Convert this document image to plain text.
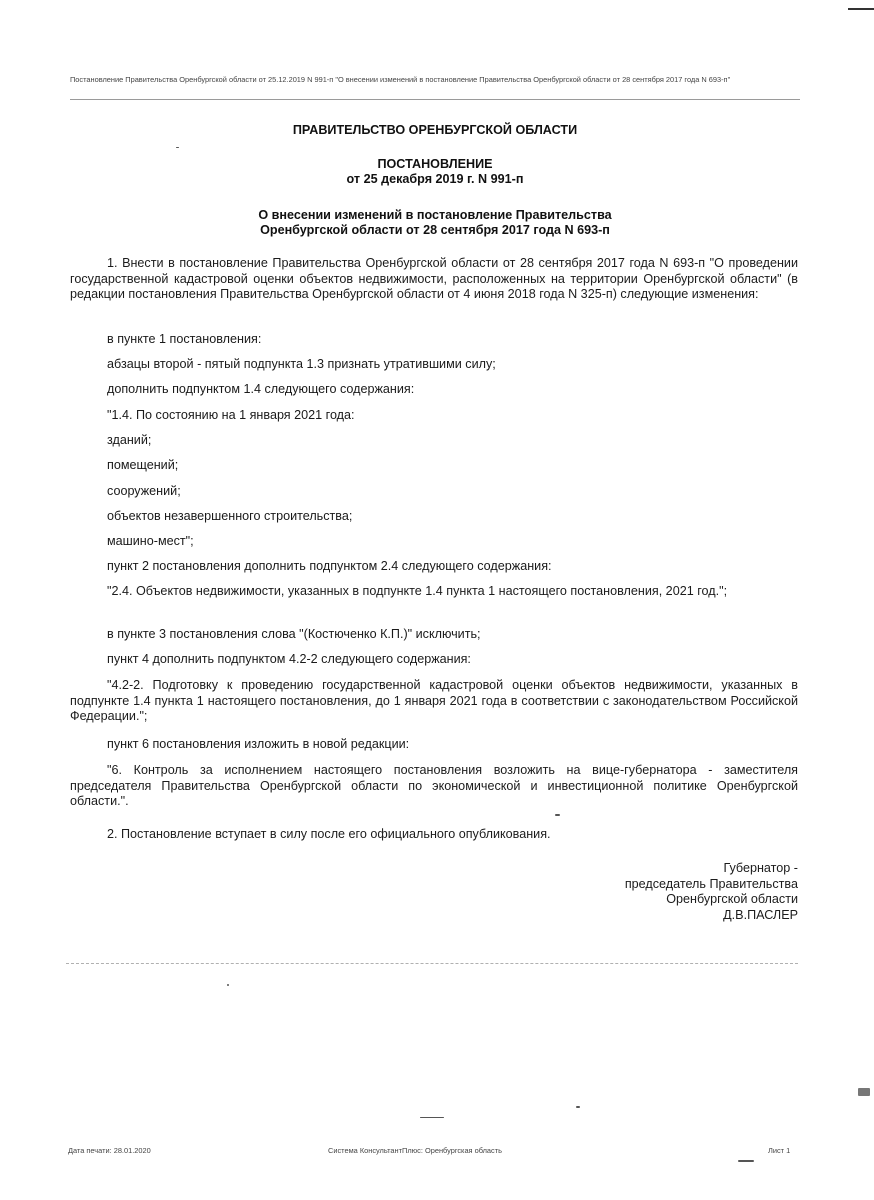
Постановление Правительства Оренбургской области от 25.12.2019 N 991-п "О внесении изменений в постановление Правительства Оренбургской области от 28 сентября 2017 года N 693-п"
ПРАВИТЕЛЬСТВО ОРЕНБУРГСКОЙ ОБЛАСТИ
ПОСТАНОВЛЕНИЕ
от 25 декабря 2019 г. N 991-п
О внесении изменений в постановление Правительства
Оренбургской области от 28 сентября 2017 года N 693-п
1. Внести в постановление Правительства Оренбургской области от 28 сентября 2017 года N 693-п "О проведении государственной кадастровой оценки объектов недвижимости, расположенных на территории Оренбургской области" (в редакции постановления Правительства Оренбургской области от 4 июня 2018 года N 325-п) следующие изменения:
в пункте 1 постановления:
абзацы второй - пятый подпункта 1.3 признать утратившими силу;
дополнить подпунктом 1.4 следующего содержания:
"1.4. По состоянию на 1 января 2021 года:
зданий;
помещений;
сооружений;
объектов незавершенного строительства;
машино-мест";
пункт 2 постановления дополнить подпунктом 2.4 следующего содержания:
"2.4. Объектов недвижимости, указанных в подпункте 1.4 пункта 1 настоящего постановления, 2021 год.";
в пункте 3 постановления слова "(Костюченко К.П.)" исключить;
пункт 4 дополнить подпунктом 4.2-2 следующего содержания:
"4.2-2. Подготовку к проведению государственной кадастровой оценки объектов недвижимости, указанных в подпункте 1.4 пункта 1 настоящего постановления, до 1 января 2021 года в соответствии с законодательством Российской Федерации.";
пункт 6 постановления изложить в новой редакции:
"6. Контроль за исполнением настоящего постановления возложить на вице-губернатора - заместителя председателя Правительства Оренбургской области по экономической и инвестиционной политике Оренбургской области.".
2. Постановление вступает в силу после его официального опубликования.
Губернатор -
председатель Правительства
Оренбургской области
Д.В.ПАСЛЕР
Дата печати: 28.01.2020	Система КонсультантПлюс: Оренбургская область	Лист 1
